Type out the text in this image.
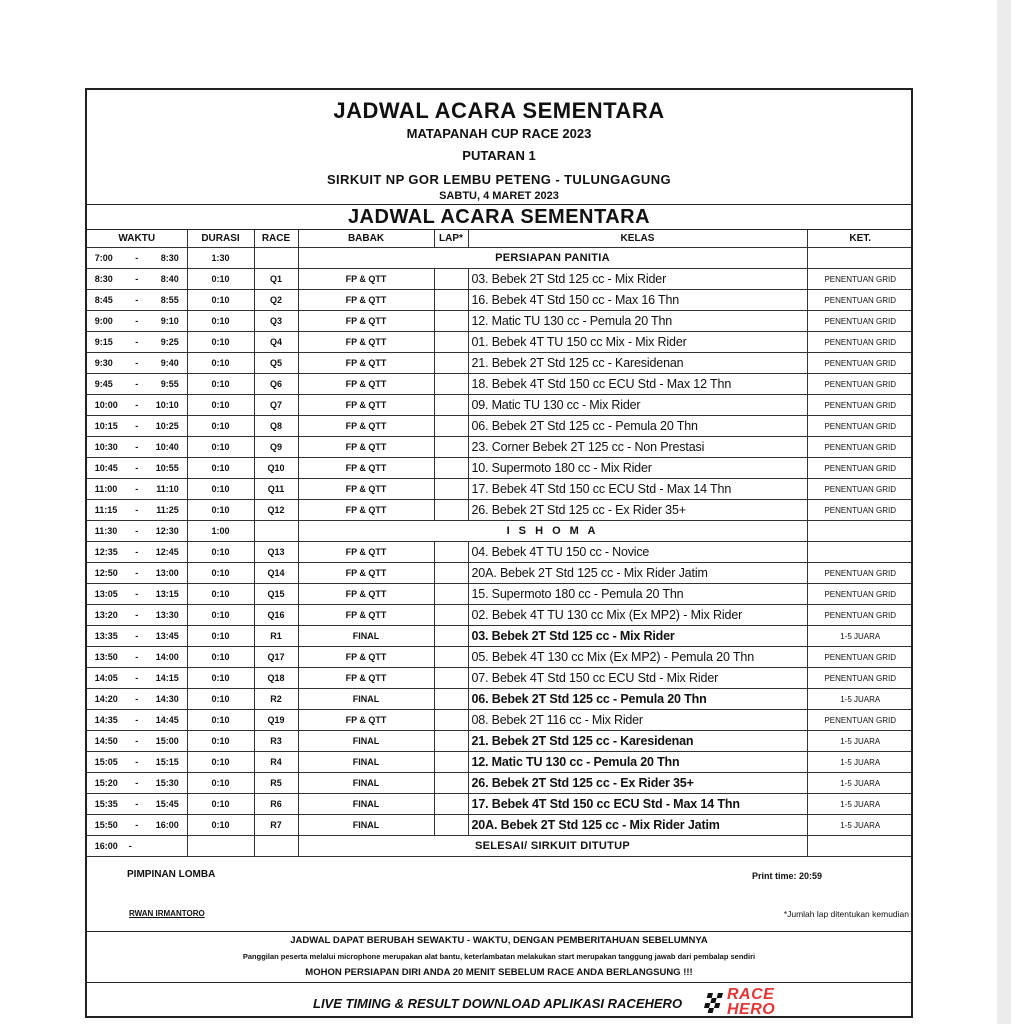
JADWAL ACARA SEMENTARA
MATAPANAH CUP RACE 2023
PUTARAN 1
SIRKUIT NP GOR LEMBU PETENG - TULUNGAGUNG
SABTU, 4 MARET 2023
JADWAL ACARA SEMENTARA
WAKTU	DURASI	RACE	BABAK	LAP*	KELAS	KET.
7:00 - 8:30	1:30		PERSIAPAN PANITIA			
8:30 - 8:40	0:10	Q1	FP & QTT		03. Bebek 2T Std 125 cc - Mix Rider	PENENTUAN GRID
8:45 - 8:55	0:10	Q2	FP & QTT		16. Bebek 4T Std 150 cc - Max 16 Thn	PENENTUAN GRID
9:00 - 9:10	0:10	Q3	FP & QTT		12. Matic TU 130 cc - Pemula 20 Thn	PENENTUAN GRID
9:15 - 9:25	0:10	Q4	FP & QTT		01. Bebek 4T TU 150 cc Mix - Mix Rider	PENENTUAN GRID
9:30 - 9:40	0:10	Q5	FP & QTT		21. Bebek 2T Std 125 cc - Karesidenan	PENENTUAN GRID
9:45 - 9:55	0:10	Q6	FP & QTT		18. Bebek 4T Std 150 cc ECU Std - Max 12 Thn	PENENTUAN GRID
10:00 - 10:10	0:10	Q7	FP & QTT		09. Matic TU 130 cc - Mix Rider	PENENTUAN GRID
10:15 - 10:25	0:10	Q8	FP & QTT		06. Bebek 2T Std 125 cc - Pemula 20 Thn	PENENTUAN GRID
10:30 - 10:40	0:10	Q9	FP & QTT		23. Corner Bebek 2T 125 cc - Non Prestasi	PENENTUAN GRID
10:45 - 10:55	0:10	Q10	FP & QTT		10. Supermoto 180 cc - Mix Rider	PENENTUAN GRID
11:00 - 11:10	0:10	Q11	FP & QTT		17. Bebek 4T Std 150 cc ECU Std - Max 14 Thn	PENENTUAN GRID
11:15 - 11:25	0:10	Q12	FP & QTT		26. Bebek 2T Std 125 cc - Ex Rider 35+	PENENTUAN GRID
11:30 - 12:30	1:00		I S H O M A			
12:35 - 12:45	0:10	Q13	FP & QTT		04. Bebek 4T TU 150 cc - Novice	
12:50 - 13:00	0:10	Q14	FP & QTT		20A. Bebek 2T Std 125 cc - Mix Rider Jatim	PENENTUAN GRID
13:05 - 13:15	0:10	Q15	FP & QTT		15. Supermoto 180 cc - Pemula 20 Thn	PENENTUAN GRID
13:20 - 13:30	0:10	Q16	FP & QTT		02. Bebek 4T TU 130 cc Mix (Ex MP2) - Mix Rider	PENENTUAN GRID
13:35 - 13:45	0:10	R1	FINAL		03. Bebek 2T Std 125 cc - Mix Rider	1-5 JUARA
13:50 - 14:00	0:10	Q17	FP & QTT		05. Bebek 4T 130 cc Mix (Ex MP2) - Pemula 20 Thn	PENENTUAN GRID
14:05 - 14:15	0:10	Q18	FP & QTT		07. Bebek 4T Std 150 cc ECU Std - Mix Rider	PENENTUAN GRID
14:20 - 14:30	0:10	R2	FINAL		06. Bebek 2T Std 125 cc - Pemula 20 Thn	1-5 JUARA
14:35 - 14:45	0:10	Q19	FP & QTT		08. Bebek 2T 116 cc - Mix Rider	PENENTUAN GRID
14:50 - 15:00	0:10	R3	FINAL		21. Bebek 2T Std 125 cc - Karesidenan	1-5 JUARA
15:05 - 15:15	0:10	R4	FINAL		12. Matic TU 130 cc - Pemula 20 Thn	1-5 JUARA
15:20 - 15:30	0:10	R5	FINAL		26. Bebek 2T Std 125 cc - Ex Rider 35+	1-5 JUARA
15:35 - 15:45	0:10	R6	FINAL		17. Bebek 4T Std 150 cc ECU Std - Max 14 Thn	1-5 JUARA
15:50 - 16:00	0:10	R7	FINAL		20A. Bebek 2T Std 125 cc - Mix Rider Jatim	1-5 JUARA
16:00 -			SELESAI/ SIRKUIT DITUTUP			
PIMPINAN LOMBA
RWAN IRMANTORO
Print time: 20:59
*Jumlah lap ditentukan kemudian
JADWAL DAPAT BERUBAH SEWAKTU - WAKTU, DENGAN PEMBERITAHUAN SEBELUMNYA
Panggilan peserta melalui microphone merupakan alat bantu, keterlambatan melakukan start merupakan tanggung jawab dari pembalap sendiri
MOHON PERSIAPAN DIRI ANDA 20 MENIT SEBELUM RACE ANDA BERLANGSUNG !!!
LIVE TIMING & RESULT DOWNLOAD APLIKASI RACEHERO
RACE
HERO
